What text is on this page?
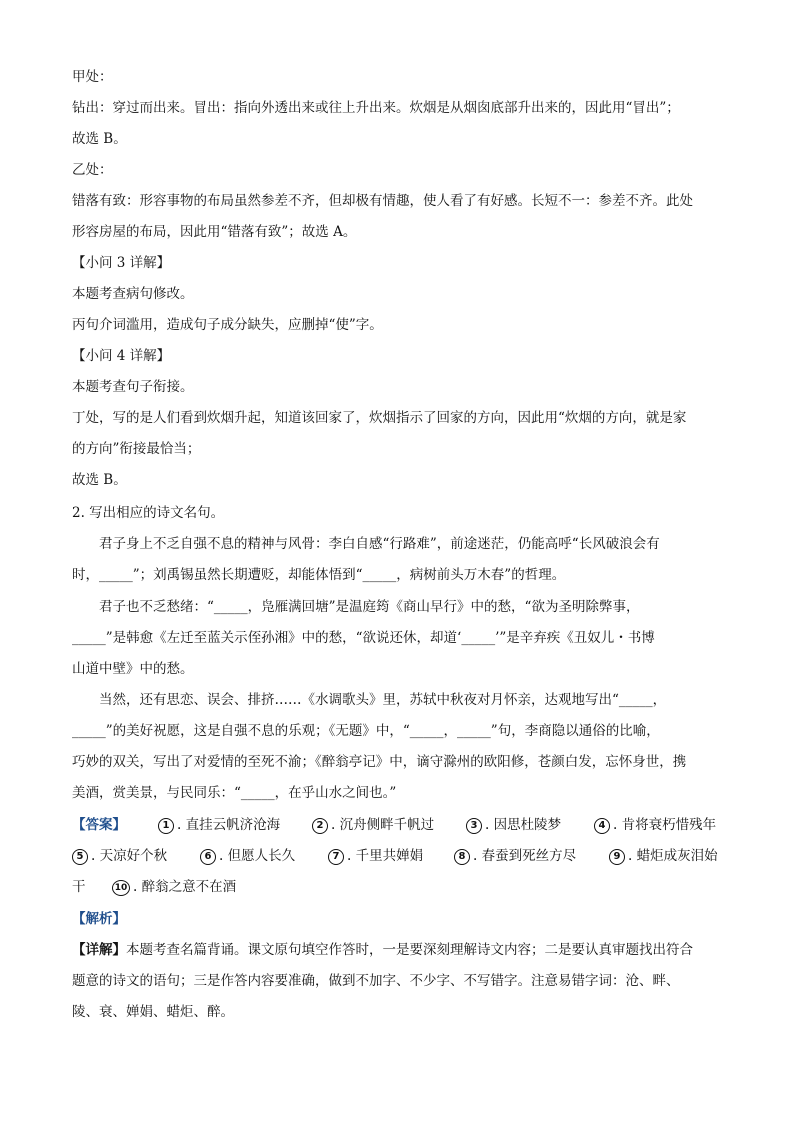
甲处：
钻出：穿过而出来。冒出：指向外透出来或往上升出来。炊烟是从烟囱底部升出来的，因此用“冒出”；
故选 B。
乙处：
错落有致：形容事物的布局虽然参差不齐，但却极有情趣，使人看了有好感。长短不一：参差不齐。此处
形容房屋的布局，因此用“错落有致”；故选 A。
【小问 3 详解】
本题考查病句修改。
丙句介词滥用，造成句子成分缺失，应删掉“使”字。
【小问 4 详解】
本题考查句子衔接。
丁处，写的是人们看到炊烟升起，知道该回家了，炊烟指示了回家的方向，因此用“炊烟的方向，就是家
的方向”衔接最恰当；
故选 B。
2. 写出相应的诗文名句。
君子身上不乏自强不息的精神与风骨：李白自感“行路难”，前途迷茫，仍能高呼“长风破浪会有
时，_____”；刘禹锡虽然长期遭贬，却能体悟到“_____，病树前头万木春”的哲理。
君子也不乏愁绪：“_____，凫雁满回塘”是温庭筠《商山早行》中的愁，“欲为圣明除弊事，
_____”是韩愈《左迁至蓝关示侄孙湘》中的愁，“欲说还休，却道‘_____’”是辛弃疾《丑奴儿・书博
山道中壁》中的愁。
当然，还有思恋、误会、排挤……《水调歌头》里，苏轼中秋夜对月怀亲，达观地写出“_____，
_____”的美好祝愿，这是自强不息的乐观；《无题》中，“_____，_____”句，李商隐以通俗的比喻，
巧妙的双关，写出了对爱情的至死不渝；《醉翁亭记》中，谪守滁州的欧阳修，苍颜白发，忘怀身世，携
美酒，赏美景，与民同乐：“_____，在乎山水之间也。”
【答案】	1 . 直挂云帆济沧海	2 . 沉舟侧畔千帆过	3 . 因思杜陵梦	4 . 肯将衰朽惜残年
5 . 天凉好个秋	6 . 但愿人长久	7 . 千里共婵娟	8 . 春蚕到死丝方尽	9 . 蜡炬成灰泪始
干	10 . 醉翁之意不在酒
【解析】
【详解】本题考查名篇背诵。课文原句填空作答时，一是要深刻理解诗文内容；二是要认真审题找出符合
题意的诗文的语句；三是作答内容要准确，做到不加字、不少字、不写错字。注意易错字词：沧、畔、
陵、衰、婵娟、蜡炬、醉。
